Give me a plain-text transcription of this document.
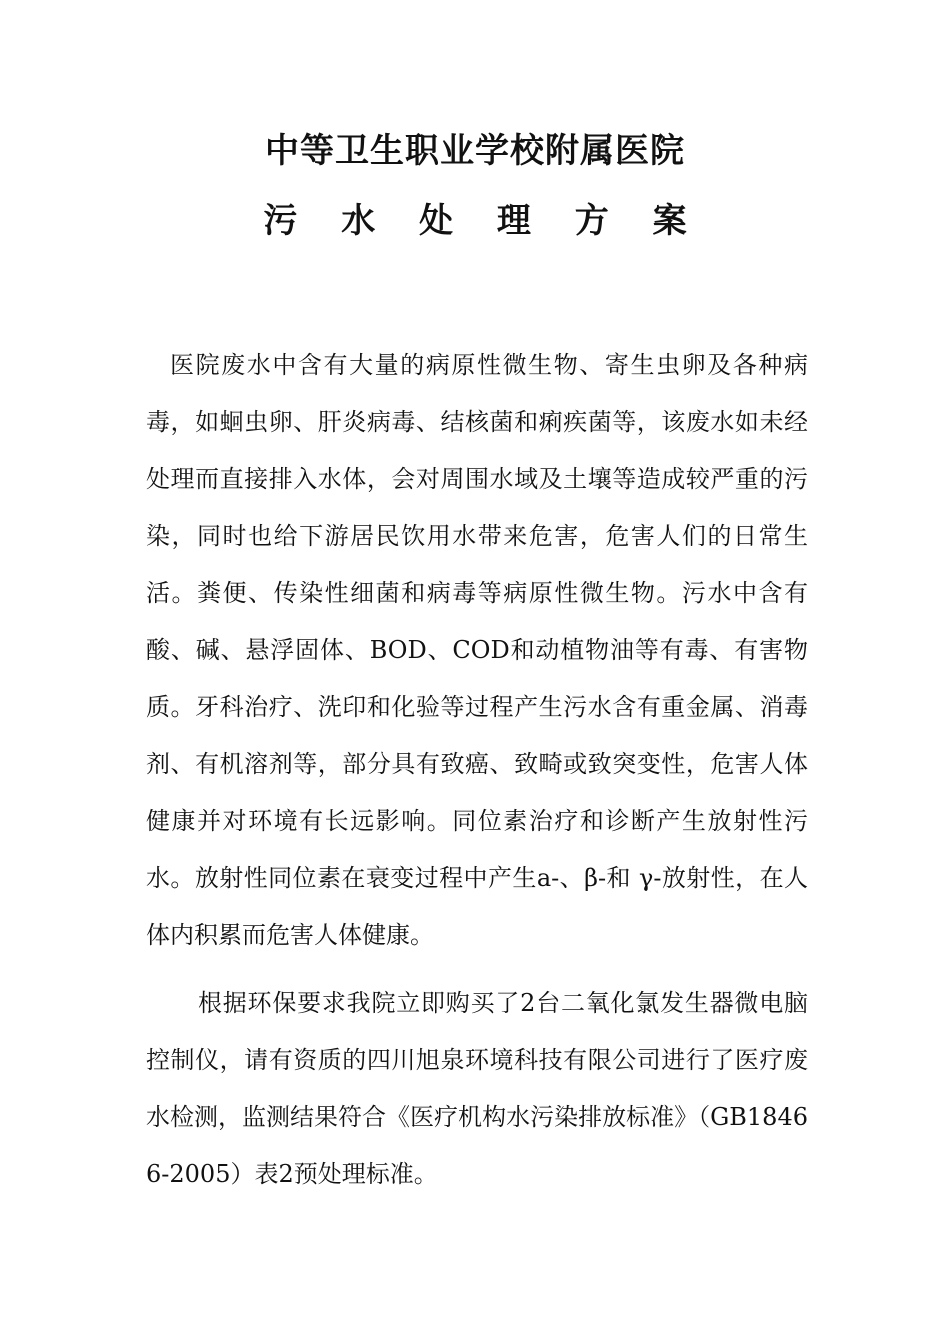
中等卫生职业学校附属医院
污 水 处 理 方 案

医院废水中含有大量的病原性微生物、寄生虫卵及各种病毒，如蛔虫卵、肝炎病毒、结核菌和痢疾菌等，该废水如未经处理而直接排入水体，会对周围水域及土壤等造成较严重的污染，同时也给下游居民饮用水带来危害，危害人们的日常生活。粪便、传染性细菌和病毒等病原性微生物。污水中含有酸、碱、悬浮固体、BOD、COD和动植物油等有毒、有害物质。牙科治疗、洗印和化验等过程产生污水含有重金属、消毒剂、有机溶剂等，部分具有致癌、致畸或致突变性，危害人体健康并对环境有长远影响。同位素治疗和诊断产生放射性污水。放射性同位素在衰变过程中产生a-、β-和 γ-放射性，在人体内积累而危害人体健康。

根据环保要求我院立即购买了2台二氧化氯发生器微电脑控制仪，请有资质的四川旭泉环境科技有限公司进行了医疗废水检测，监测结果符合《医疗机构水污染排放标准》（GB18466-2005）表2预处理标准。
